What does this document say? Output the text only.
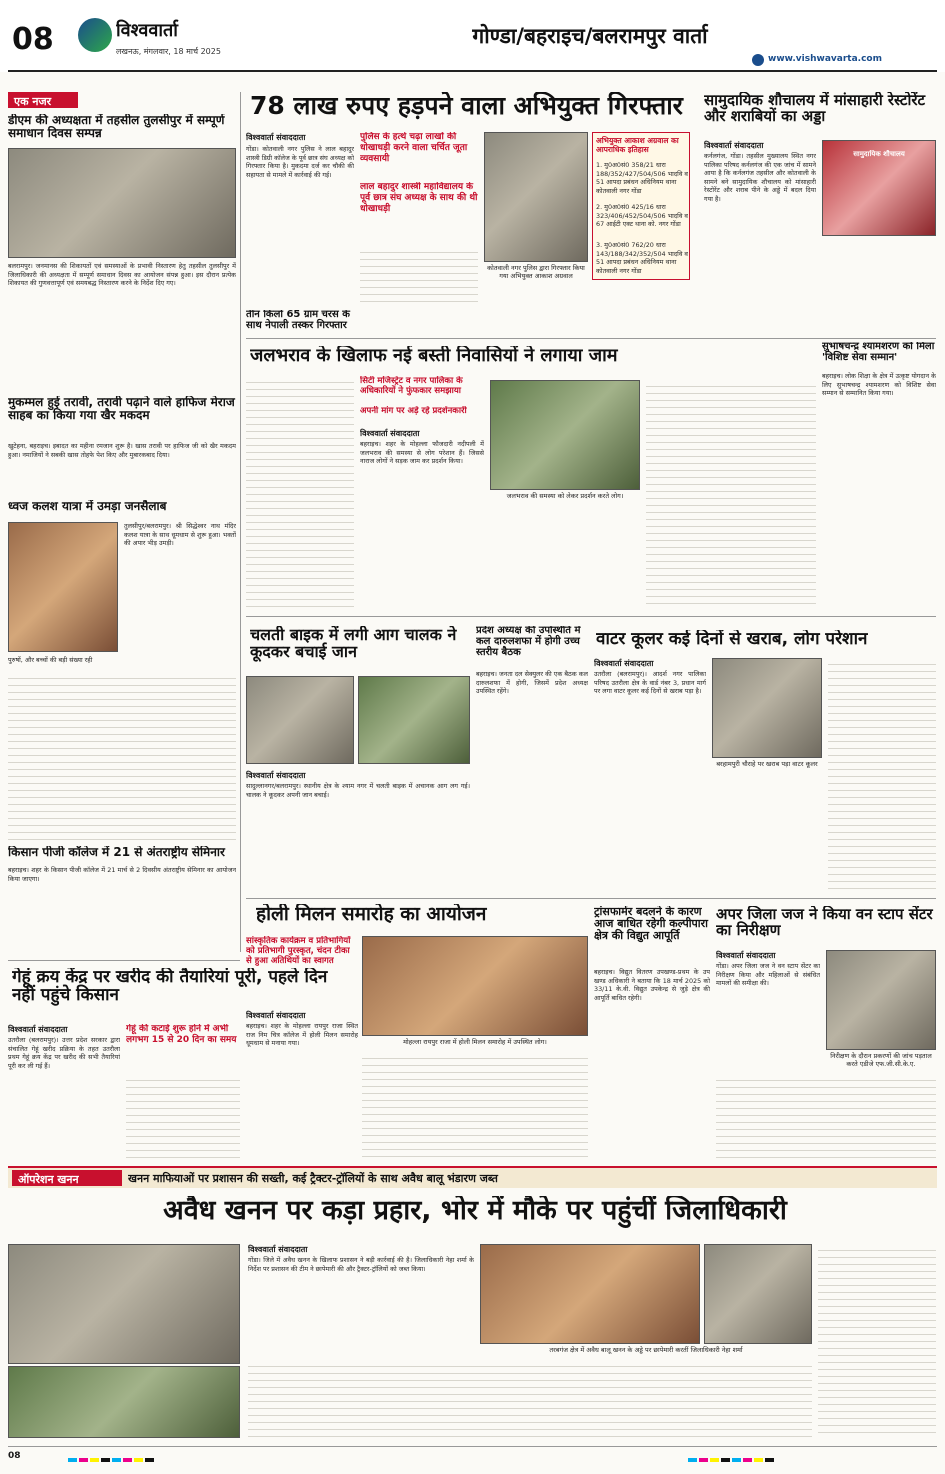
08	विश्ववार्ता
लखनऊ, मंगलवार, 18 मार्च 2025
गोण्डा/बहराइच/बलरामपुर वार्ता
www.vishwavarta.com
एक नजर
डीएम की अध्यक्षता में तहसील तुलसीपुर में सम्पूर्ण समाधान दिवस सम्पन्न
बलरामपुर। जनमानस की शिकायतों एवं समस्याओं के प्रभावी निस्तारण हेतु तहसील तुलसीपुर में जिलाधिकारी की अध्यक्षता में सम्पूर्ण समाधान दिवस का आयोजन संपन्न हुआ। इस दौरान प्रत्येक शिकायत की गुणवत्तापूर्ण एवं समयबद्ध निस्तारण करने के निर्देश दिए गए।
मुकम्मल हुई तरावी, तरावी पढ़ाने वाले हाफिज मेराज साहब का किया गया खैर मकदम
खुटेहना, बहराइच। इबादत का महीना रमजान शुरू है। खास तरावी पर हाफिज जी को खैर मकदम हुआ। नमाजियों ने सबकी खास तोहफे पेश किए और मुबारकबाद दिया।
ध्वज कलश यात्रा में उमड़ा जनसैलाब
तुलसीपुर/बलरामपुर। श्री सिद्धेश्वर नाथ मंदिर कलश यात्रा के साथ धूमधाम से शुरू हुआ। भक्तों की अपार भीड़ उमड़ी।
पुरुषों, और बच्चों की बड़ी संख्या रही
किसान पीजी कॉलेज में 21 से अंतराष्ट्रीय सेमिनार
बहराइच। शहर के किसान पीजी कॉलेज में 21 मार्च से 2 दिवसीय अंतराष्ट्रीय सेमिनार का आयोजन किया जाएगा।
78 लाख रुपए हड़पने वाला अभियुक्त गिरफ्तार
विश्ववार्ता संवाददाता
गोंडा। कोतवाली नगर पुलिस ने लाल बहादुर शास्त्री डिग्री कॉलेज के पूर्व छात्र संघ अध्यक्ष को गिरफ्तार किया है। मुकदमा दर्ज कर चौकी की सहायता से मामले में कार्रवाई की गई।
पुलिस के हत्थे चढ़ा लाखों की धोखाधड़ी करने वाला चर्चित जूता व्यवसायी
लाल बहादुर शास्त्री महाविद्यालय के पूर्व छात्र संघ अध्यक्ष के साथ की थी धोखाधड़ी
कोतवाली नगर पुलिस द्वारा गिरफ्तार किया गया अभियुक्त आकाश अग्रवाल
तीन किलो 65 ग्राम चरस के साथ नेपाली तस्कर गिरफ्तार
अभियुक्त आकाश अग्रवाल का आपराधिक इतिहास
1. मु0अ0सं0 358/21 धारा 188/352/427/504/506 भादवि व 51 आपदा प्रबंधन अधिनियम थाना कोतवाली नगर गोंडा
2. मु0अ0सं0 425/16 धारा 323/406/452/504/506 भादवि व 67 आईटी एक्ट थाना को. नगर गोंडा
3. मु0अ0सं0 762/20 धारा 143/188/342/352/504 भादवि व 51 आपदा प्रबंधन अधिनियम थाना कोतवाली नगर गोंडा
सामुदायिक शौचालय में मांसाहारी रेस्टोरेंट और शराबियों का अड्डा
विश्ववार्ता संवाददाता
कर्नलगंज, गोंडा। तहसील मुख्यालय स्थित नगर पालिका परिषद कर्नलगंज की एक जांच में सामने आया है कि कर्नलगंज तहसील और कोतवाली के सामने बने सामुदायिक शौचालय को मांसाहारी रेस्टोरेंट और शराब पीने के अड्डे में बदल दिया गया है।
सामुदायिक शौचालय
सुभाषचन्द्र श्यामशरण को मिला 'विशिष्ट सेवा सम्मान'
बहराइच। लोक शिक्षा के क्षेत्र में उत्कृष्ट योगदान के लिए सुभाषचन्द्र श्यामशरण को विशिष्ट सेवा सम्मान से सम्मानित किया गया।
जलभराव के खिलाफ नई बस्ती निवासियों ने लगाया जाम
सिटी मजिस्ट्रेट व नगर पालिका के अधिकारियों ने फुंफकार समझाया
अपनी मांग पर अड़े रहे प्रदर्शनकारी
विश्ववार्ता संवाददाता
बहराइच। शहर के मोहल्ला फौजदारी नदीपली में जलभराव की समस्या से लोग परेशान हैं। जिससे नाराज लोगों ने सड़क जाम कर प्रदर्शन किया।
जलभराव की समस्या को लेकर प्रदर्शन करते लोग।
चलती बाइक में लगी आग चालक ने कूदकर बचाई जान
विश्ववार्ता संवाददाता
सादुल्लानगर/बलरामपुर। स्थानीय क्षेत्र के श्याम नगर में चलती बाइक में अचानक आग लग गई। चालक ने कूदकर अपनी जान बचाई।
प्रदेश अध्यक्ष की उपस्थिति में कल दारुलशफा में होगी उच्च स्तरीय बैठक
बहराइच। जनता दल सेक्युलर की एक बैठक कल दारुलशफा में होगी, जिसमें प्रदेश अध्यक्ष उपस्थित रहेंगे।
वाटर कूलर कई दिनों से खराब, लोग परेशान
विश्ववार्ता संवाददाता
उतरौला (बलरामपुर)। आदर्श नगर पालिका परिषद उतरौला क्षेत्र के वार्ड नंबर 3, प्रधान मार्ग पर लगा वाटर कूलर कई दिनों से खराब पड़ा है।
बरहामपुरी चौराहे पर खराब पड़ा वाटर कूलर
होली मिलन समारोह का आयोजन
सांस्कृतिक कार्यक्रम व प्रतिभागियों को प्रतिभागी पुरस्कृत, चंदन टीका से हुआ अतिथियों का स्वागत
विश्ववार्ता संवाददाता
बहराइच। शहर के मोहल्ला रायपुर राजा स्थित राज निम चित्र कॉलेज में होली मिलन समारोह धूमधाम से मनाया गया।	मोहल्ला रायपुर राजा में होली मिलन समारोह में उपस्थित लोग।
ट्रांसफार्मर बदलने के कारण आज बाधित रहेगी कल्पीपारा क्षेत्र की विद्युत आपूर्ति
बहराइच। विद्युत वितरण उपखण्ड-प्रथम के उप खण्ड अधिकारी ने बताया कि 18 मार्च 2025 को 33/11 के.वी. विद्युत उपकेन्द्र से जुड़े क्षेत्र की आपूर्ति बाधित रहेगी।
अपर जिला जज ने किया वन स्टाप सेंटर का निरीक्षण
विश्ववार्ता संवाददाता
गोंडा। अपर जिला जज ने वन स्टाप सेंटर का निरीक्षण किया और महिलाओं से संबंधित मामलों की समीक्षा की।
निरीक्षण के दौरान प्रकरणों की जांच पड़ताल करते एडीजे एफ.जी.सी.के.ए.
गेहूं क्रय केंद्र पर खरीद की तैयारियां पूरी, पहले दिन नहीं पहुंचे किसान
विश्ववार्ता संवाददाता
उतरौला (बलरामपुर)। उत्तर प्रदेश सरकार द्वारा संचालित गेहूं खरीद प्रक्रिया के तहत उतरौला प्रथम गेहूं क्रय केंद्र पर खरीद की सभी तैयारियां पूरी कर ली गई हैं।
गेहूं की कटाई शुरू होने में अभी लगभग 15 से 20 दिन का समय
ऑपरेशन खनन	खनन माफियाओं पर प्रशासन की सख्ती, कई ट्रैक्टर-ट्रॉलियों के साथ अवैध बालू भंडारण जब्त
अवैध खनन पर कड़ा प्रहार, भोर में मौके पर पहुंचीं जिलाधिकारी
विश्ववार्ता संवाददाता
गोंडा। जिले में अवैध खनन के खिलाफ प्रशासन ने बड़ी कार्रवाई की है। जिलाधिकारी नेहा शर्मा के निर्देश पर प्रशासन की टीम ने छापेमारी की और ट्रैक्टर-ट्रॉलियों को जब्त किया।
तरबगंज क्षेत्र में अवैध बालू खनन के अड्डे पर छापेमारी करतीं जिलाधिकारी नेहा शर्मा
08
